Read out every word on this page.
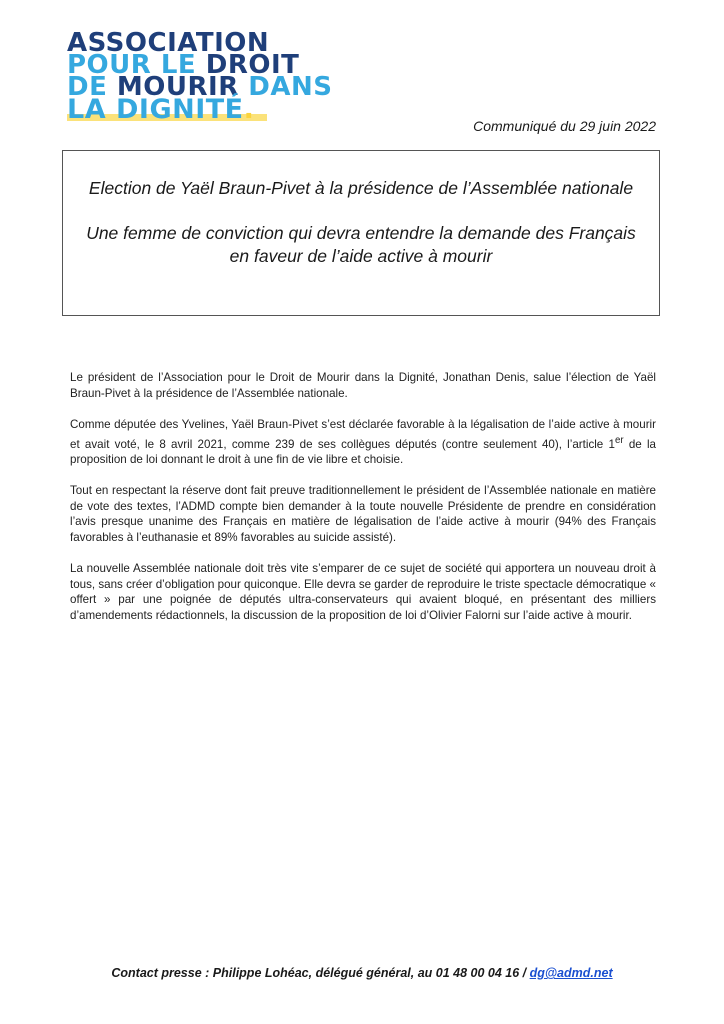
ASSOCIATION
POUR LE DROIT
DE MOURIR DANS
LA DIGNITÉ.
Communiqué du 29 juin 2022
Election de Yaël Braun-Pivet à la présidence de l’Assemblée nationale
Une femme de conviction qui devra entendre la demande des Français en faveur de l’aide active à mourir

Le président de l’Association pour le Droit de Mourir dans la Dignité, Jonathan Denis, salue l’élection de Yaël Braun-Pivet à la présidence de l’Assemblée nationale.

Comme députée des Yvelines, Yaël Braun-Pivet s’est déclarée favorable à la légalisation de l’aide active à mourir et avait voté, le 8 avril 2021, comme 239 de ses collègues députés (contre seulement 40), l’article 1er de la proposition de loi donnant le droit à une fin de vie libre et choisie.

Tout en respectant la réserve dont fait preuve traditionnellement le président de l’Assemblée nationale en matière de vote des textes, l’ADMD compte bien demander à la toute nouvelle Présidente de prendre en considération l’avis presque unanime des Français en matière de légalisation de l’aide active à mourir (94% des Français favorables à l’euthanasie et 89% favorables au suicide assisté).

La nouvelle Assemblée nationale doit très vite s’emparer de ce sujet de société qui apportera un nouveau droit à tous, sans créer d’obligation pour quiconque. Elle devra se garder de reproduire le triste spectacle démocratique « offert » par une poignée de députés ultra-conservateurs qui avaient bloqué, en présentant des milliers d’amendements rédactionnels, la discussion de la proposition de loi d’Olivier Falorni sur l’aide active à mourir.

Contact presse : Philippe Lohéac, délégué général, au 01 48 00 04 16 / dg@admd.net
